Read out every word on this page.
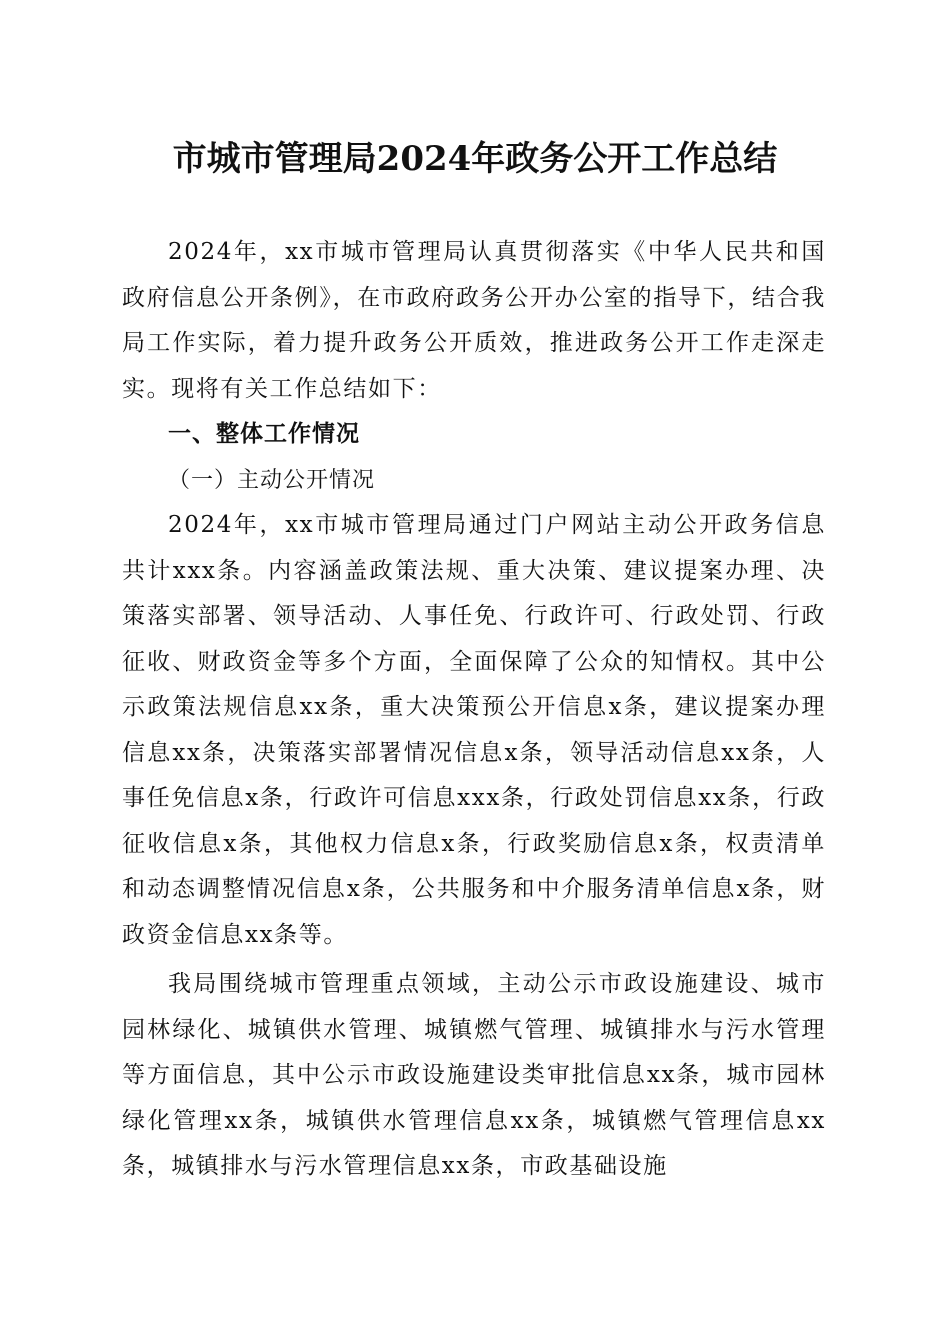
市城市管理局2024年政务公开工作总结

2024年，xx市城市管理局认真贯彻落实《中华人民共和国政府信息公开条例》，在市政府政务公开办公室的指导下，结合我局工作实际，着力提升政务公开质效，推进政务公开工作走深走实。现将有关工作总结如下：

一、整体工作情况

（一）主动公开情况

2024年，xx市城市管理局通过门户网站主动公开政务信息共计xxx条。内容涵盖政策法规、重大决策、建议提案办理、决策落实部署、领导活动、人事任免、行政许可、行政处罚、行政征收、财政资金等多个方面，全面保障了公众的知情权。其中公示政策法规信息xx条，重大决策预公开信息x条，建议提案办理信息xx条，决策落实部署情况信息x条，领导活动信息xx条，人事任免信息x条，行政许可信息xxx条，行政处罚信息xx条，行政征收信息x条，其他权力信息x条，行政奖励信息x条，权责清单和动态调整情况信息x条，公共服务和中介服务清单信息x条，财政资金信息xx条等。

我局围绕城市管理重点领域，主动公示市政设施建设、城市园林绿化、城镇供水管理、城镇燃气管理、城镇排水与污水管理等方面信息，其中公示市政设施建设类审批信息xx条，城市园林绿化管理xx条，城镇供水管理信息xx条，城镇燃气管理信息xx条，城镇排水与污水管理信息xx条，市政基础设施
